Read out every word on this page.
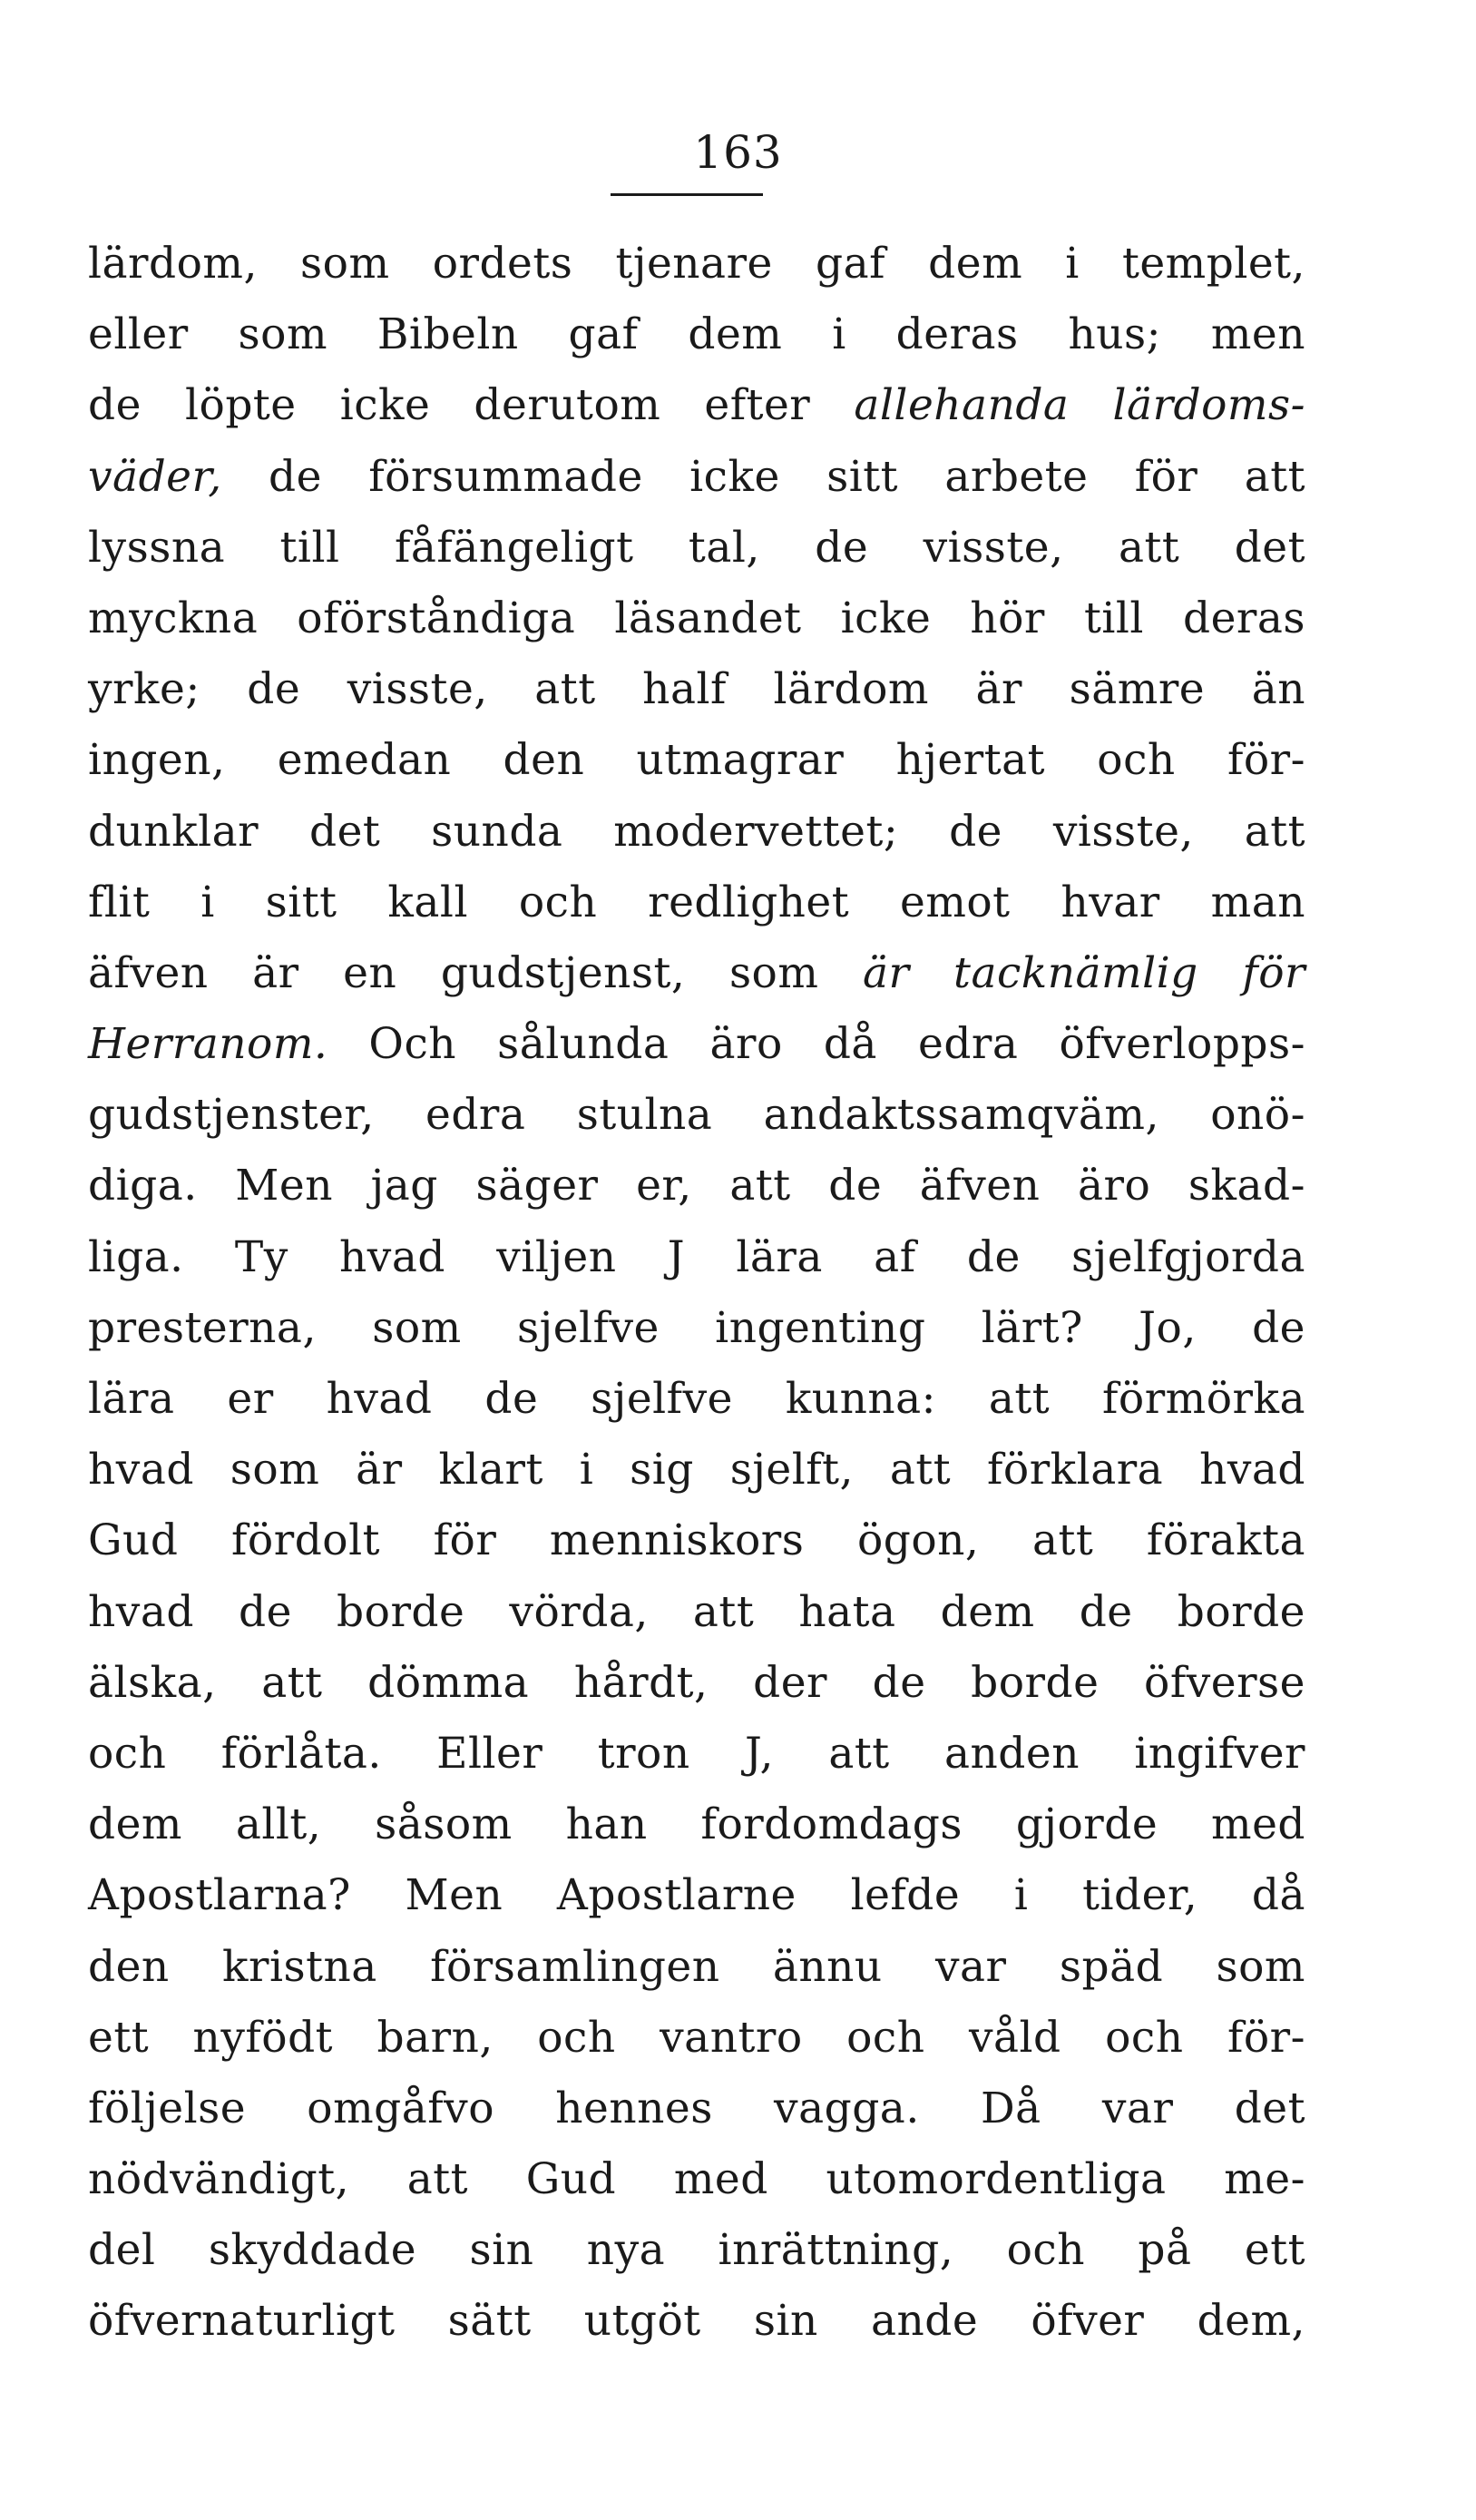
163
lärdom, som ordets tjenare gaf dem i templet,
eller som Bibeln gaf dem i deras hus; men
de löpte icke derutom efter allehanda lärdoms-
väder, de försummade icke sitt arbete för att
lyssna till fåfängeligt tal, de visste, att det
myckna oförståndiga läsandet icke hör till deras
yrke; de visste, att half lärdom är sämre än
ingen, emedan den utmagrar hjertat och för-
dunklar det sunda modervettet; de visste, att
flit i sitt kall och redlighet emot hvar man
äfven är en gudstjenst, som är tacknämlig för
Herranom. Och sålunda äro då edra öfverlopps-
gudstjenster, edra stulna andaktssamqväm, onö-
diga. Men jag säger er, att de äfven äro skad-
liga. Ty hvad viljen J lära af de sjelfgjorda
presterna, som sjelfve ingenting lärt? Jo, de
lära er hvad de sjelfve kunna: att förmörka
hvad som är klart i sig sjelft, att förklara hvad
Gud fördolt för menniskors ögon, att förakta
hvad de borde vörda, att hata dem de borde
älska, att dömma hårdt, der de borde öfverse
och förlåta. Eller tron J, att anden ingifver
dem allt, såsom han fordomdags gjorde med
Apostlarna? Men Apostlarne lefde i tider, då
den kristna församlingen ännu var späd som
ett nyfödt barn, och vantro och våld och för-
följelse omgåfvo hennes vagga. Då var det
nödvändigt, att Gud med utomordentliga me-
del skyddade sin nya inrättning, och på ett
öfvernaturligt sätt utgöt sin ande öfver dem,
